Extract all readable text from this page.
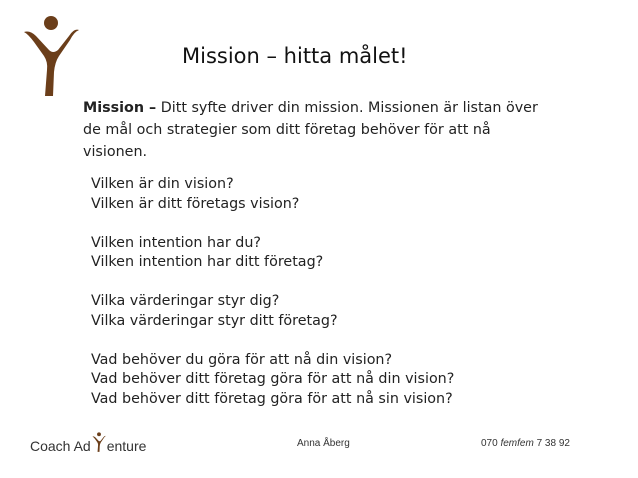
Mission – hitta målet!
Mission – Ditt syfte driver din mission. Missionen är listan över de mål och strategier som ditt företag behöver för att nå visionen.
Vilken är din vision?
Vilken är ditt företags vision?
Vilken intention har du?
Vilken intention har ditt företag?
Vilka värderingar styr dig?
Vilka värderingar styr ditt företag?
Vad behöver du göra för att nå din vision?
Vad behöver ditt företag göra för att nå din vision?
Vad behöver ditt företag göra för att nå sin vision?
Coach Ad enture	Anna Åberg	070 femfem 7 38 92
